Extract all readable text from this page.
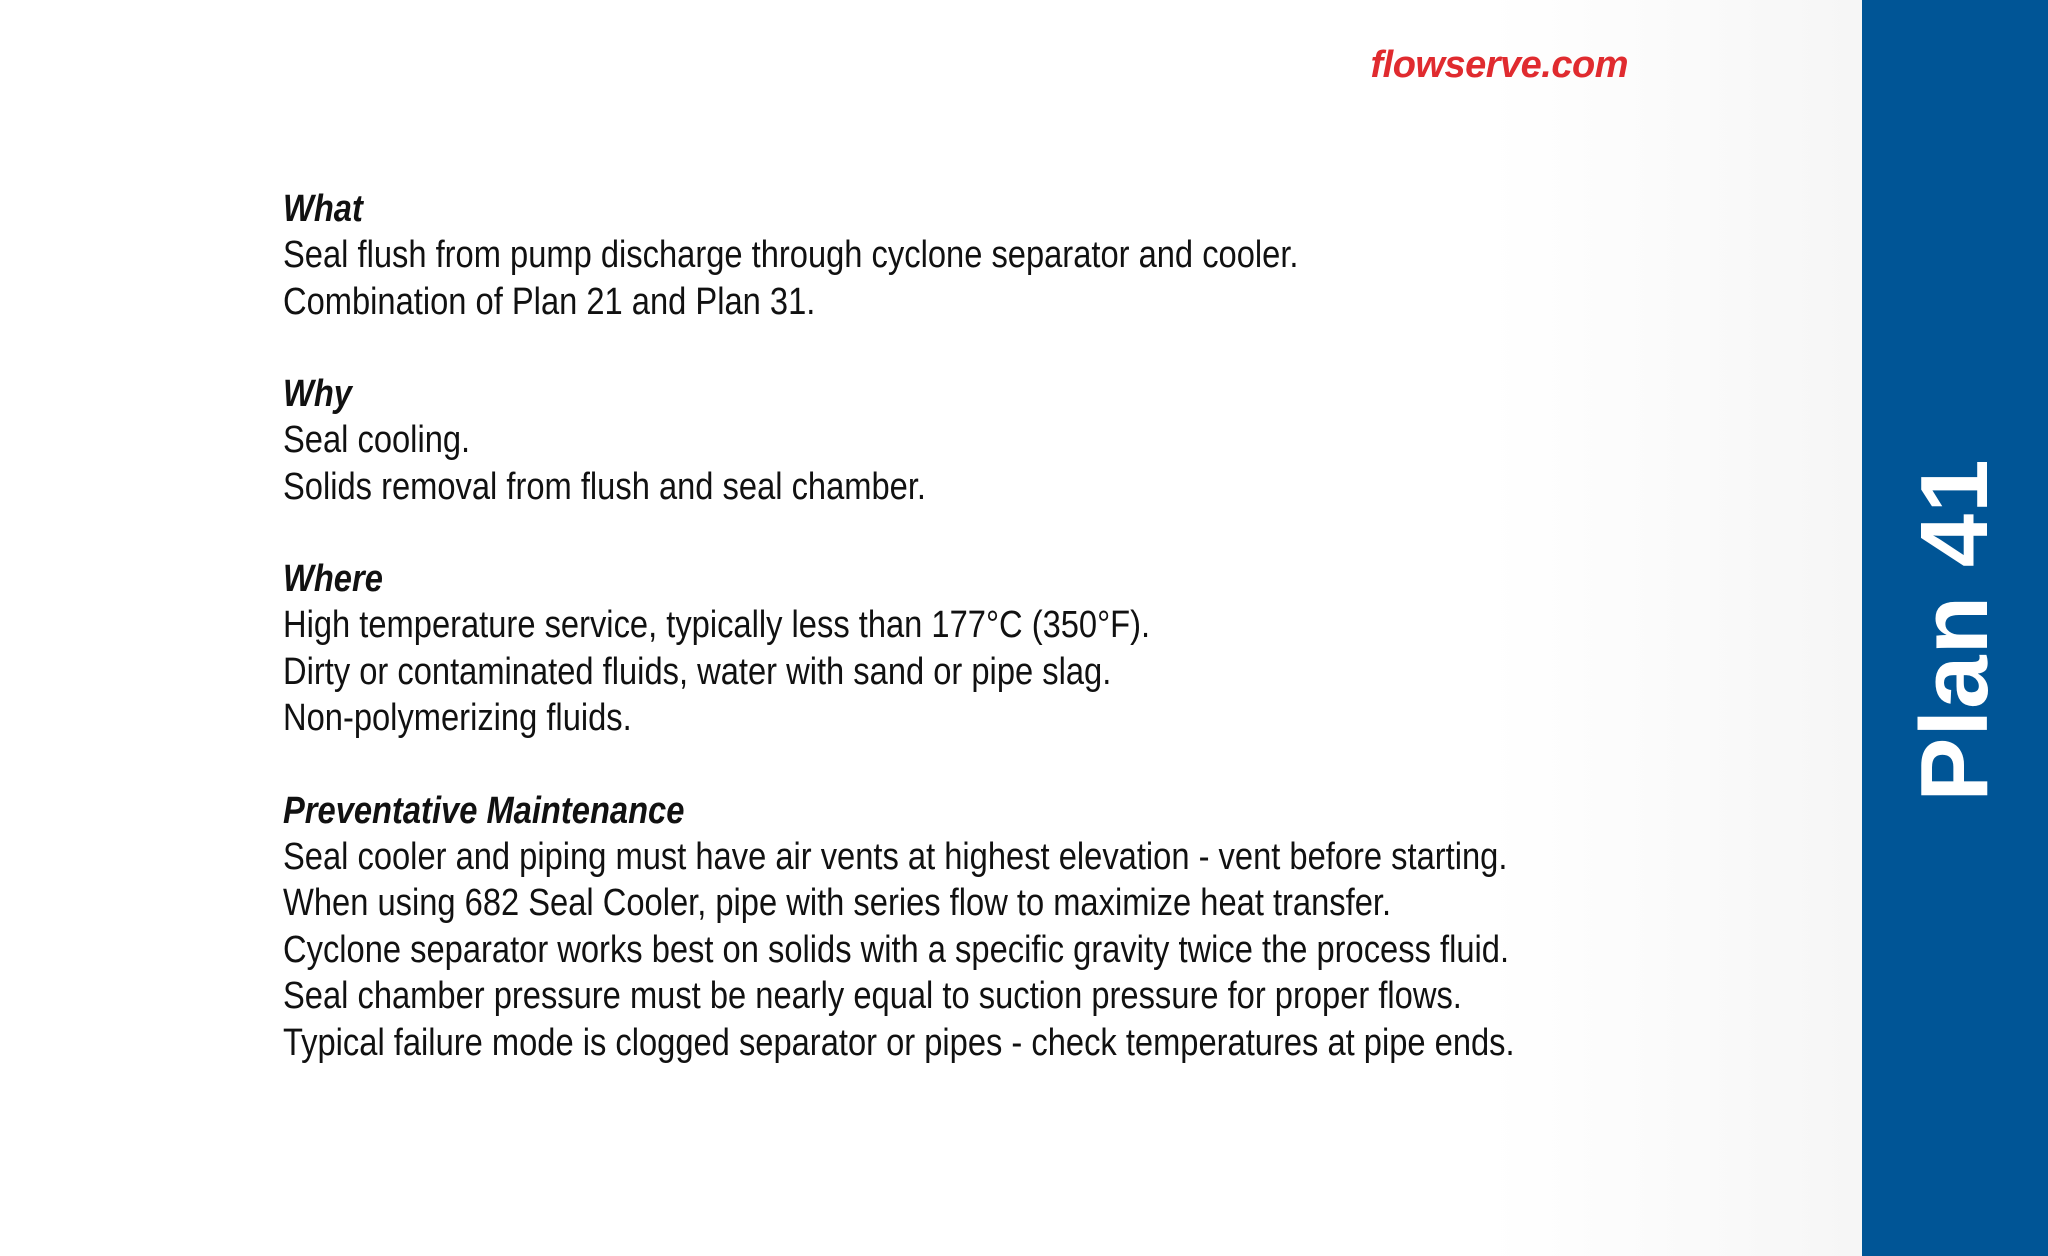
flowserve.com
What
Seal flush from pump discharge through cyclone separator and cooler.
Combination of Plan 21 and Plan 31.
Why
Seal cooling.
Solids removal from flush and seal chamber.
Where
High temperature service, typically less than 177°C (350°F).
Dirty or contaminated fluids, water with sand or pipe slag.
Non-polymerizing fluids.
Preventative Maintenance
Seal cooler and piping must have air vents at highest elevation - vent before starting.
When using 682 Seal Cooler, pipe with series flow to maximize heat transfer.
Cyclone separator works best on solids with a specific gravity twice the process fluid.
Seal chamber pressure must be nearly equal to suction pressure for proper flows.
Typical failure mode is clogged separator or pipes - check temperatures at pipe ends.
Plan 41
